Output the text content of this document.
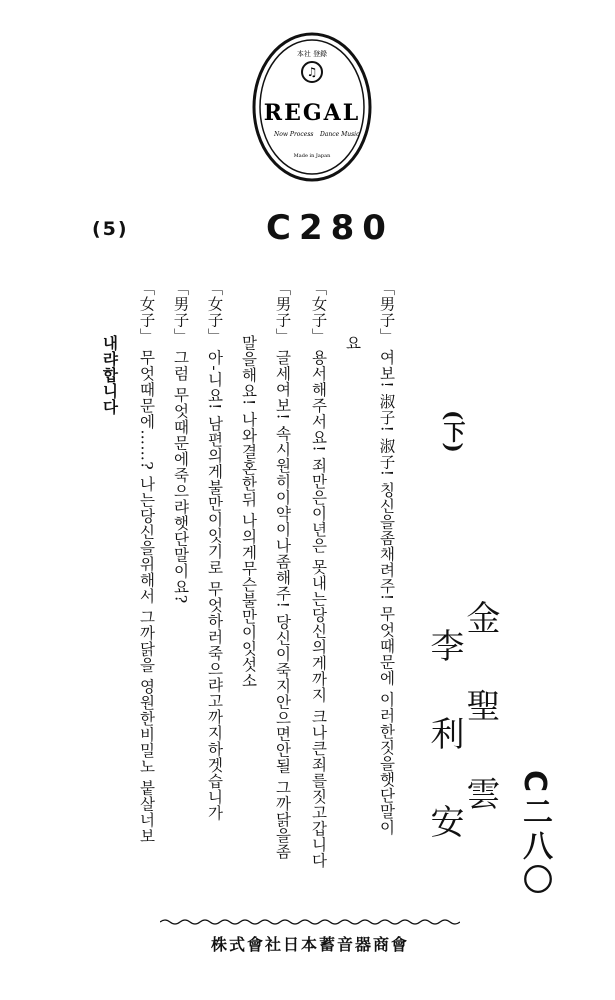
♫
本社 登錄
REGAL
Now Process Dance Music
Made in Japan
(5)	C280
「男子」 여보! 淑子! 淑子! 칭신을좀채려주! 무엇때문에 이러한짓을햇단말이
요
「女子」 용서해주서요! 죄만은이년은 못내는당신의게까지 크나큰죄를짓고갑니다
「男子」 글세여보! 속시원히이약이나좀해주! 당신이죽지안으면안될 그까닭을좀
말을해요! 나와결혼한뒤 나의게무슨불만이잇섯소
「女子」 아-니요! 남편의게불만이잇기로 무엇하러죽으랴고까지하겟습니가
「男子」 그럼 무엇때문에죽으랴햇단말이요?
「女子」 무엇때문에……? 나는당신을위해서 그까닭을 영원한비밀노 붙살너보
내랴합니다
(下)
金聖雲
李利安 C二八〇
株式會社日本蓄音器商會
